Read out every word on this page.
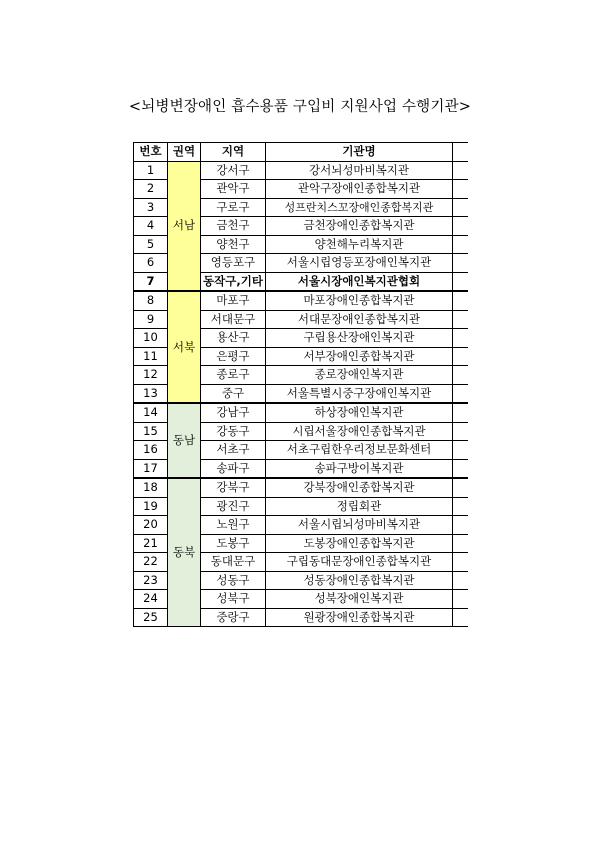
<뇌병변장애인 흡수용품 구입비 지원사업 수행기관>
번호	권역	지역	기관명	
1	서남	강서구	강서뇌성마비복지관	
2		관악구	관악구장애인종합복지관	
3		구로구	성프란치스꼬장애인종합복지관	
4		금천구	금천장애인종합복지관	
5		양천구	양천해누리복지관	
6		영등포구	서울시립영등포장애인복지관	
7		동작구,기타	서울시장애인복지관협회	
8	서북	마포구	마포장애인종합복지관	
9		서대문구	서대문장애인종합복지관	
10		용산구	구립용산장애인복지관	
11		은평구	서부장애인종합복지관	
12		종로구	종로장애인복지관	
13		중구	서울특별시중구장애인복지관	
14	동남	강남구	하상장애인복지관	
15		강동구	시립서울장애인종합복지관	
16		서초구	서초구립한우리정보문화센터	
17		송파구	송파구방이복지관	
18	동북	강북구	강북장애인종합복지관	
19		광진구	정립회관	
20		노원구	서울시립뇌성마비복지관	
21		도봉구	도봉장애인종합복지관	
22		동대문구	구립동대문장애인종합복지관	
23		성동구	성동장애인종합복지관	
24		성북구	성북장애인복지관	
25		중랑구	원광장애인종합복지관	
